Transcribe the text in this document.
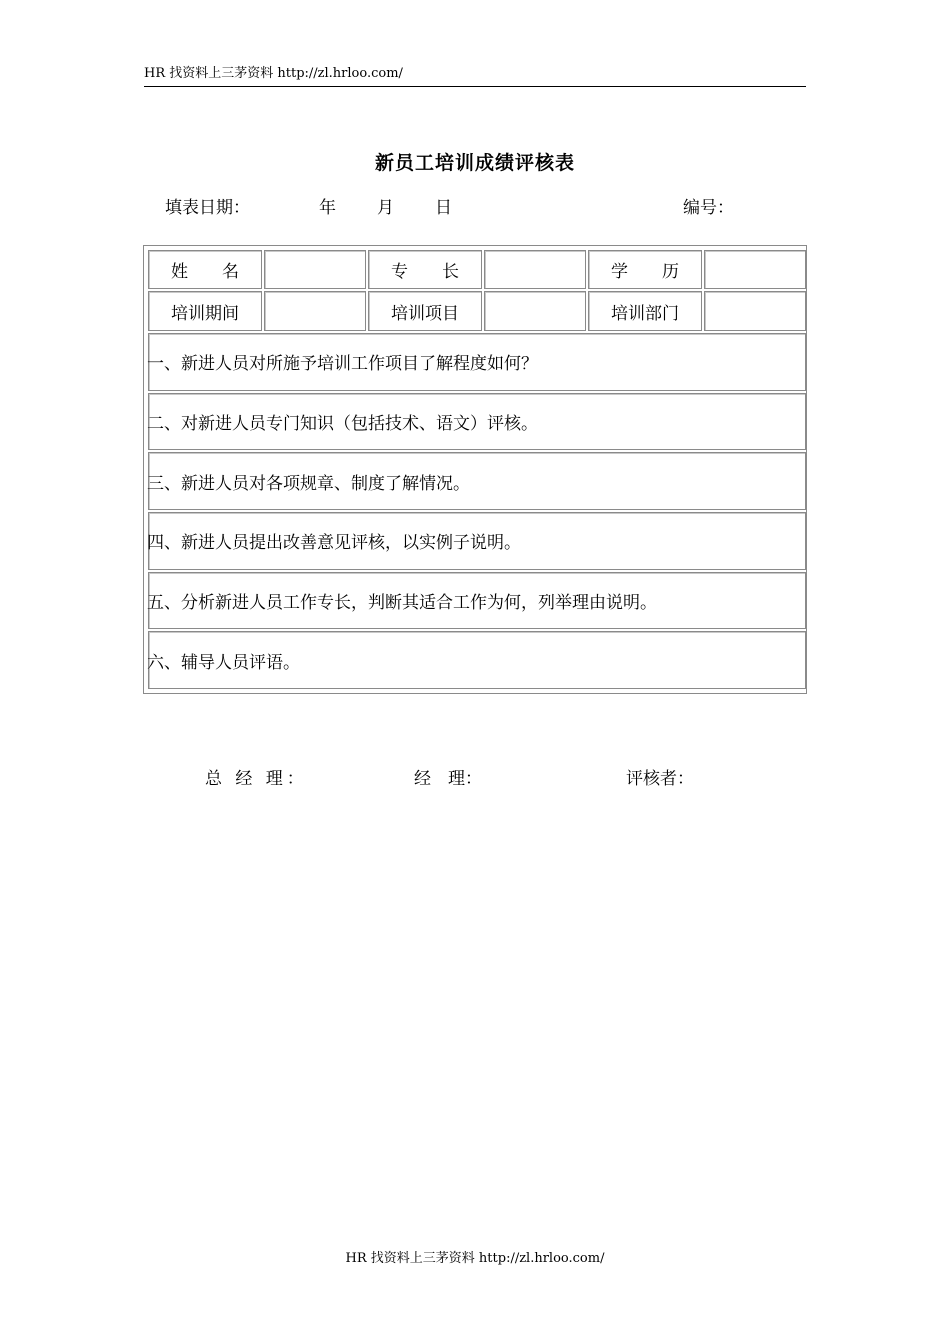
HR 找资料上三茅资料 http://zl.hrloo.com/
新员工培训成绩评核表
填表日期：	年 月 日	编号：
姓　　名		专　　长		学　　历	
培训期间		培训项目		培训部门	
一、新进人员对所施予培训工作项目了解程度如何？					
二、对新进人员专门知识（包括技术、语文）评核。					
三、新进人员对各项规章、制度了解情况。					
四、新进人员提出改善意见评核，以实例子说明。					
五、分析新进人员工作专长，判断其适合工作为何，列举理由说明。					
六、辅导人员评语。					
总 经 理：	经　理：	评核者：
HR 找资料上三茅资料 http://zl.hrloo.com/
